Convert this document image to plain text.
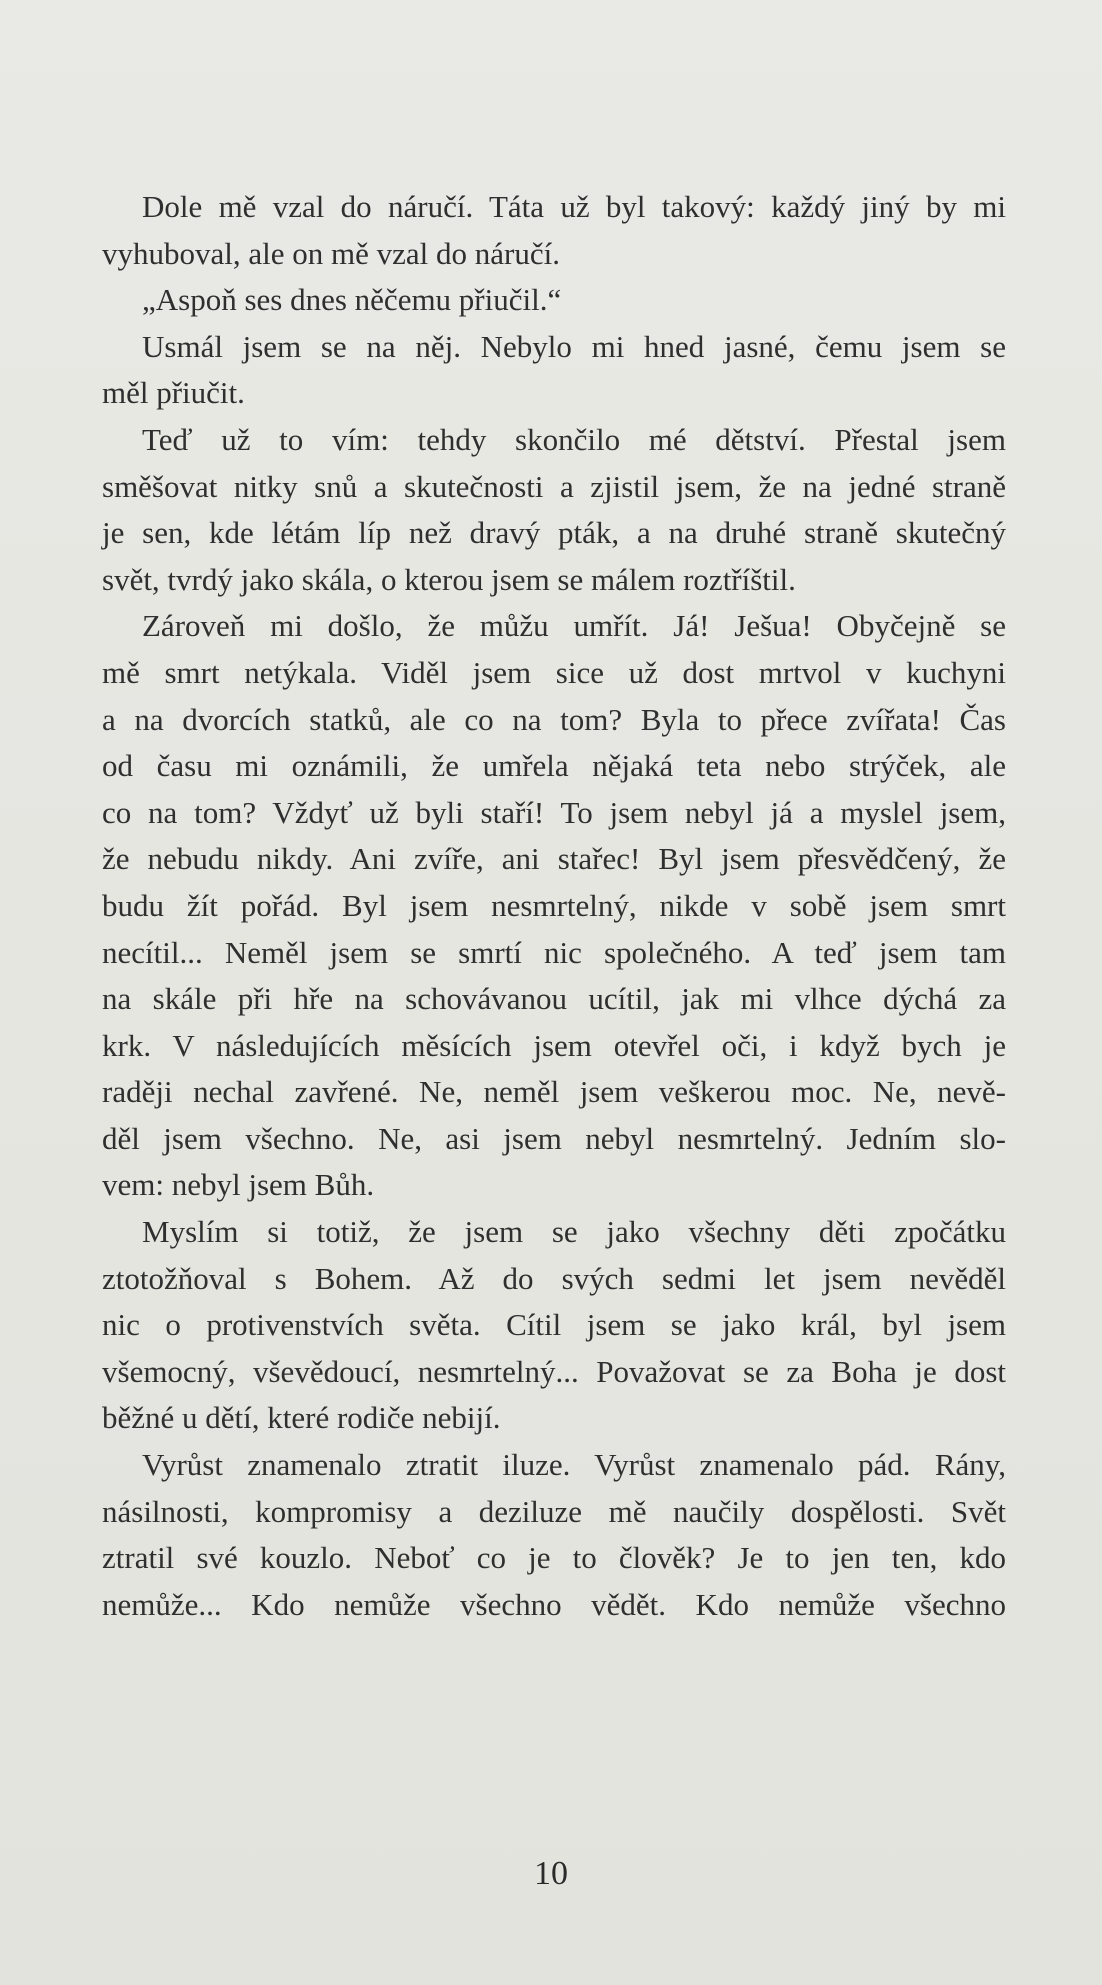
Dole mě vzal do náručí. Táta už byl takový: každý jiný by mi
vyhuboval, ale on mě vzal do náručí.
„Aspoň ses dnes něčemu přiučil.“
Usmál jsem se na něj. Nebylo mi hned jasné, čemu jsem se
měl přiučit.
Teď už to vím: tehdy skončilo mé dětství. Přestal jsem
směšovat nitky snů a skutečnosti a zjistil jsem, že na jedné straně
je sen, kde létám líp než dravý pták, a na druhé straně skutečný
svět, tvrdý jako skála, o kterou jsem se málem roztříštil.
Zároveň mi došlo, že můžu umřít. Já! Ješua! Obyčejně se
mě smrt netýkala. Viděl jsem sice už dost mrtvol v kuchyni
a na dvorcích statků, ale co na tom? Byla to přece zvířata! Čas
od času mi oznámili, že umřela nějaká teta nebo strýček, ale
co na tom? Vždyť už byli staří! To jsem nebyl já a myslel jsem,
že nebudu nikdy. Ani zvíře, ani stařec! Byl jsem přesvědčený, že
budu žít pořád. Byl jsem nesmrtelný, nikde v sobě jsem smrt
necítil... Neměl jsem se smrtí nic společného. A teď jsem tam
na skále při hře na schovávanou ucítil, jak mi vlhce dýchá za
krk. V následujících měsících jsem otevřel oči, i když bych je
raději nechal zavřené. Ne, neměl jsem veškerou moc. Ne, nevě-
děl jsem všechno. Ne, asi jsem nebyl nesmrtelný. Jedním slo-
vem: nebyl jsem Bůh.
Myslím si totiž, že jsem se jako všechny děti zpočátku
ztotožňoval s Bohem. Až do svých sedmi let jsem nevěděl
nic o protivenstvích světa. Cítil jsem se jako král, byl jsem
všemocný, vševědoucí, nesmrtelný... Považovat se za Boha je dost
běžné u dětí, které rodiče nebijí.
Vyrůst znamenalo ztratit iluze. Vyrůst znamenalo pád. Rány,
násilnosti, kompromisy a deziluze mě naučily dospělosti. Svět
ztratil své kouzlo. Neboť co je to člověk? Je to jen ten, kdo
nemůže... Kdo nemůže všechno vědět. Kdo nemůže všechno
10
